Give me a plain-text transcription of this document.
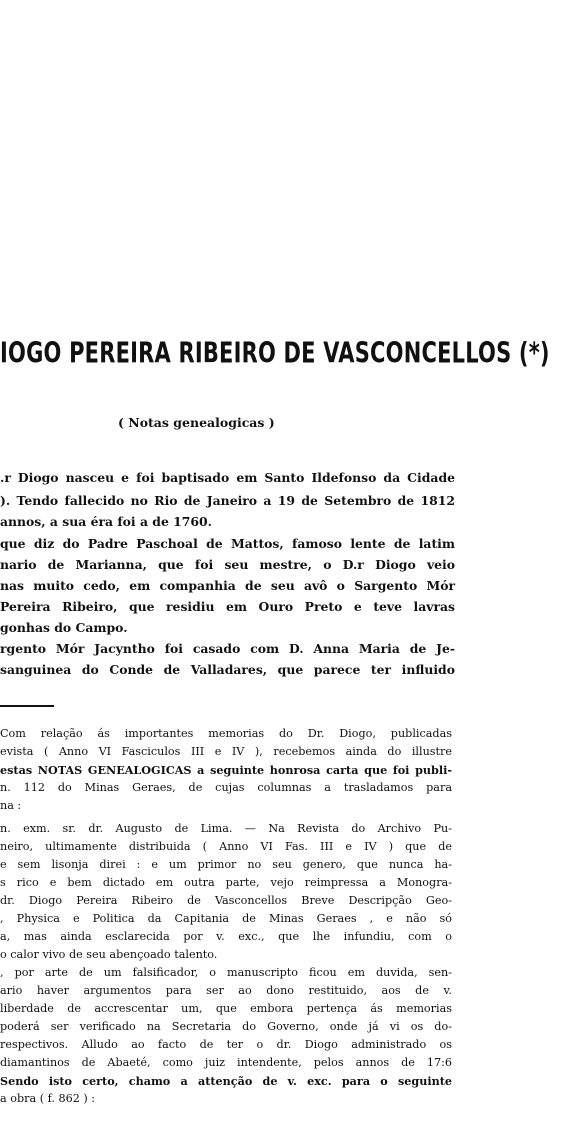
IOGO PEREIRA RIBEIRO DE VASCONCELLOS (*)
( Notas genealogicas )
.r Diogo nasceu e foi baptisado em Santo Ildefonso da Cidade
). Tendo fallecido no Rio de Janeiro a 19 de Setembro de 1812
annos, a sua éra foi a de 1760.
que diz do Padre Paschoal de Mattos, famoso lente de latim
nario de Marianna, que foi seu mestre, o D.r Diogo veio
nas muito cedo, em companhia de seu avô o Sargento Mór
Pereira Ribeiro, que residiu em Ouro Preto e teve lavras
gonhas do Campo.
rgento Mór Jacyntho foi casado com D. Anna Maria de Je-
sanguinea do Conde de Valladares, que parece ter influido
Com relação ás importantes memorias do Dr. Diogo, publicadas
evista ( Anno VI Fasciculos III e IV ), recebemos ainda do illustre
estas NOTAS GENEALOGICAS a seguinte honrosa carta que foi publi-
n. 112 do Minas Geraes, de cujas columnas a trasladamos para
na :
n. exm. sr. dr. Augusto de Lima. — Na Revista do Archivo Pu-
neiro, ultimamente distribuida ( Anno VI Fas. III e IV ) que de
e sem lisonja direi : e um primor no seu genero, que nunca ha-
s rico e bem dictado em outra parte, vejo reimpressa a Monogra-
dr. Diogo Pereira Ribeiro de Vasconcellos Breve Descripção Geo-
, Physica e Politica da Capitania de Minas Geraes , e não só
a, mas ainda esclarecida por v. exc., que lhe infundiu, com o
o calor vivo de seu abençoado talento.
, por arte de um falsificador, o manuscripto ficou em duvida, sen-
ario haver argumentos para ser ao dono restituido, aos de v.
liberdade de accrescentar um, que embora pertença ás memorias
poderá ser verificado na Secretaria do Governo, onde já vi os do-
respectivos. Alludo ao facto de ter o dr. Diogo administrado os
diamantinos de Abaeté, como juiz intendente, pelos annos de 17:6
Sendo isto certo, chamo a attenção de v. exc. para o seguinte
a obra ( f. 862 ) :
